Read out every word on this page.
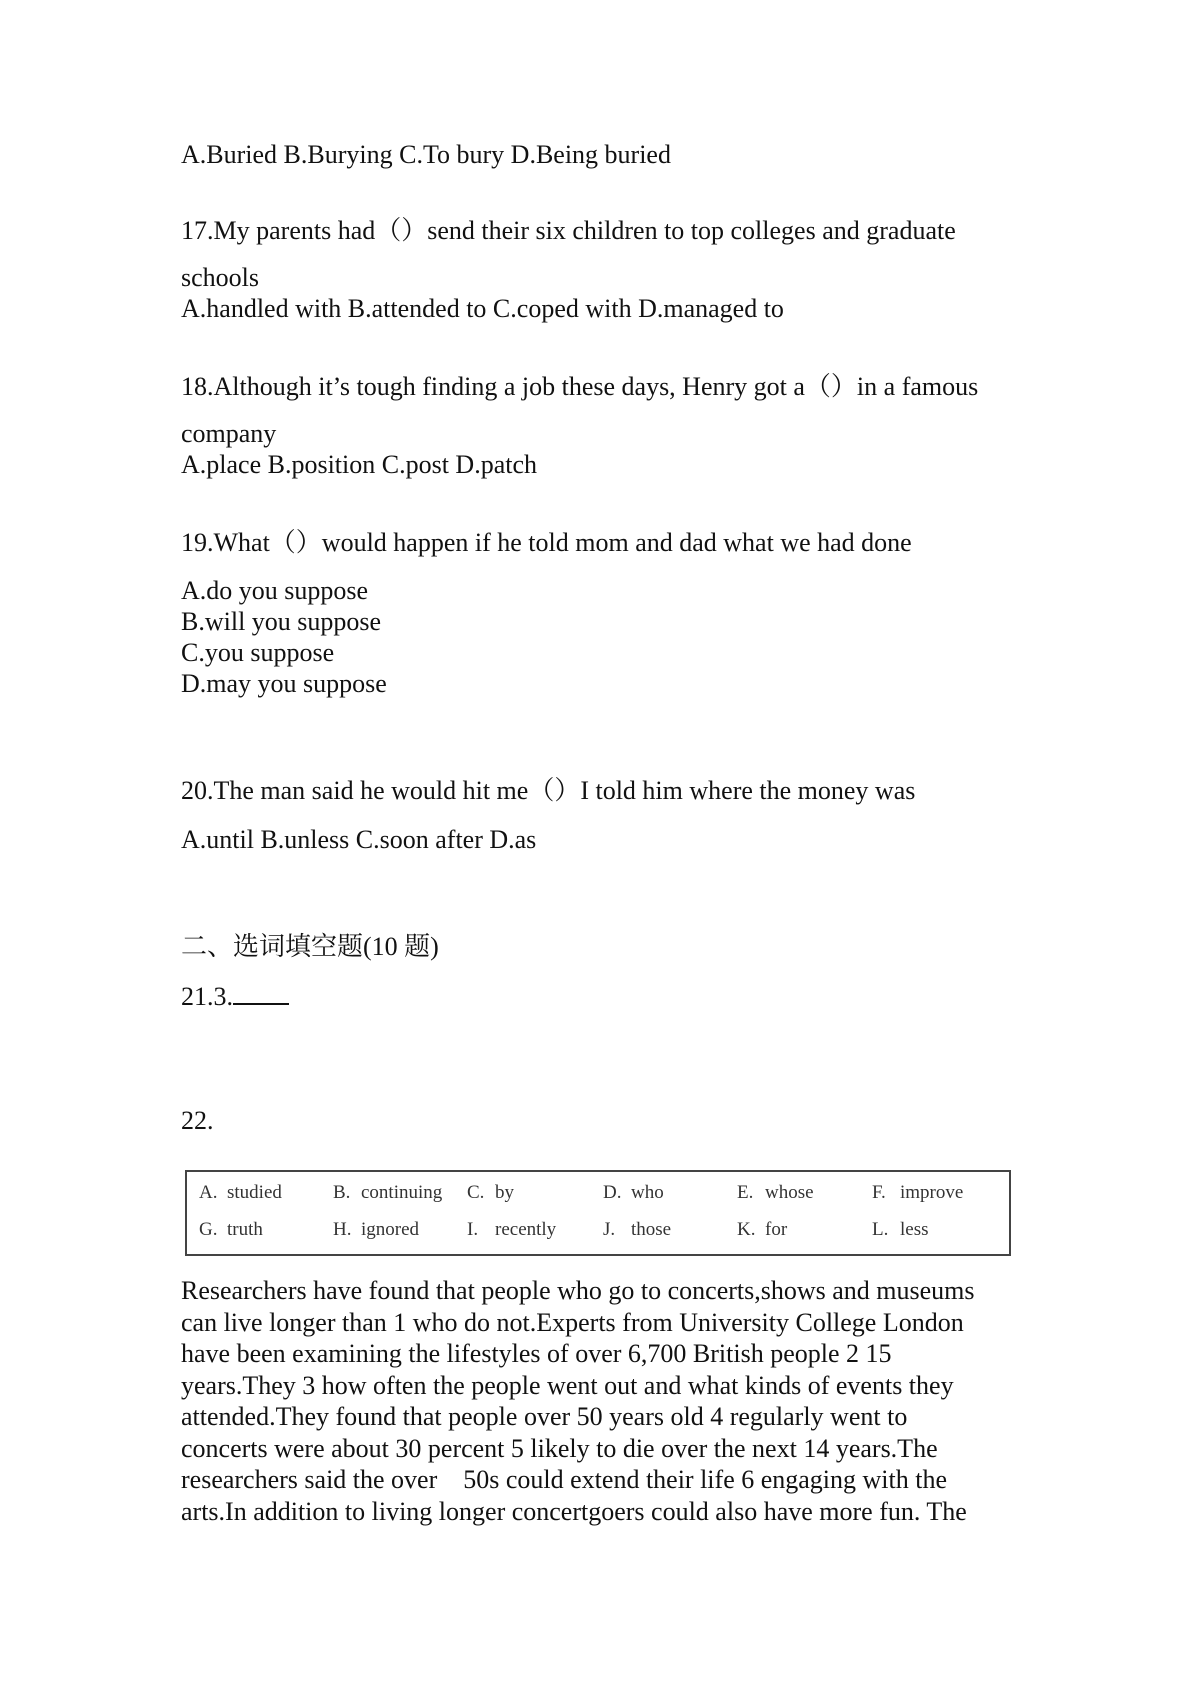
A.Buried B.Burying C.To bury D.Being buried
17.My parents had（）send their six children to top colleges and graduate
schools
A.handled with B.attended to C.coped with D.managed to
18.Although it’s tough finding a job these days, Henry got a（）in a famous
company
A.place B.position C.post D.patch
19.What（）would happen if he told mom and dad what we had done
A.do you suppose
B.will you suppose
C.you suppose
D.may you suppose
20.The man said he would hit me（）I told him where the money was
A.until B.unless C.soon after D.as
二、选词填空题(10 题)
21.3.
22.
A. studied	B. continuing C. by	D. who	E. whose	F. improve
G. truth	H. ignored	I. recently J. those	K. for	L. less
Researchers have found that people who go to concerts,shows and museums
can live longer than 1 who do not.Experts from University College London
have been examining the lifestyles of over 6,700 British people 2 15
years.They 3 how often the people went out and what kinds of events they
attended.They found that people over 50 years old 4 regularly went to
concerts were about 30 percent 5 likely to die over the next 14 years.The
researchers said the over　50s could extend their life 6 engaging with the
arts.In addition to living longer concertgoers could also have more fun. The
